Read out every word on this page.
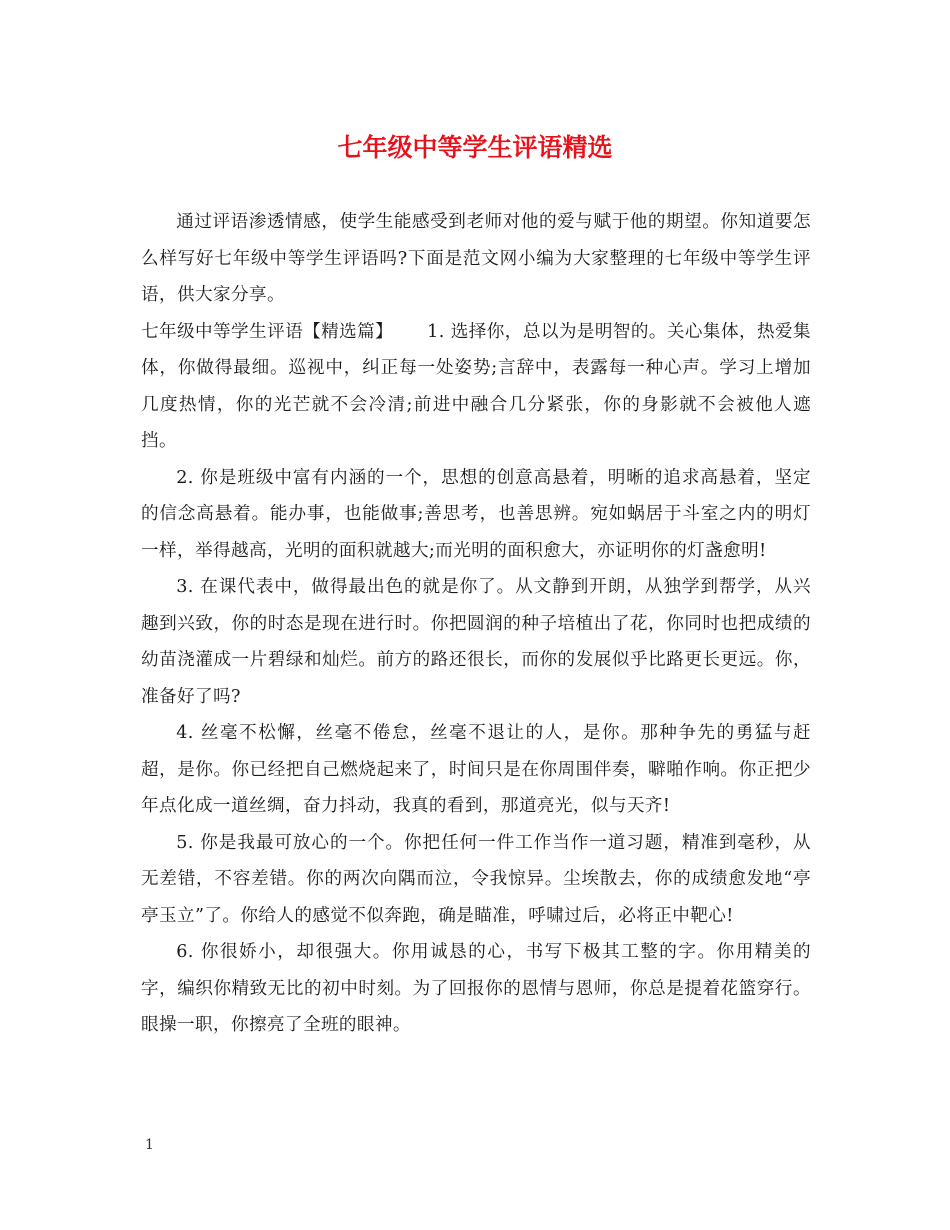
七年级中等学生评语精选

通过评语渗透情感，使学生能感受到老师对他的爱与赋于他的期望。你知道要怎么样写好七年级中等学生评语吗?下面是范文网小编为大家整理的七年级中等学生评语，供大家分享。

七年级中等学生评语【精选篇】 1. 选择你，总以为是明智的。关心集体，热爱集体，你做得最细。巡视中，纠正每一处姿势;言辞中，表露每一种心声。学习上增加几度热情，你的光芒就不会冷清;前进中融合几分紧张，你的身影就不会被他人遮挡。

2. 你是班级中富有内涵的一个，思想的创意高悬着，明晰的追求高悬着，坚定的信念高悬着。能办事，也能做事;善思考，也善思辨。宛如蜗居于斗室之内的明灯一样，举得越高，光明的面积就越大;而光明的面积愈大，亦证明你的灯盏愈明!

3. 在课代表中，做得最出色的就是你了。从文静到开朗，从独学到帮学，从兴趣到兴致，你的时态是现在进行时。你把圆润的种子培植出了花，你同时也把成绩的幼苗浇灌成一片碧绿和灿烂。前方的路还很长，而你的发展似乎比路更长更远。你，准备好了吗?

4. 丝毫不松懈，丝毫不倦怠，丝毫不退让的人，是你。那种争先的勇猛与赶超，是你。你已经把自己燃烧起来了，时间只是在你周围伴奏，噼啪作响。你正把少年点化成一道丝绸，奋力抖动，我真的看到，那道亮光，似与天齐!

5. 你是我最可放心的一个。你把任何一件工作当作一道习题，精准到毫秒，从无差错，不容差错。你的两次向隅而泣，令我惊异。尘埃散去，你的成绩愈发地“亭亭玉立”了。你给人的感觉不似奔跑，确是瞄准，呼啸过后，必将正中靶心!

6. 你很娇小，却很强大。你用诚恳的心，书写下极其工整的字。你用精美的字，编织你精致无比的初中时刻。为了回报你的恩情与恩师，你总是提着花篮穿行。眼操一职，你擦亮了全班的眼神。

1
